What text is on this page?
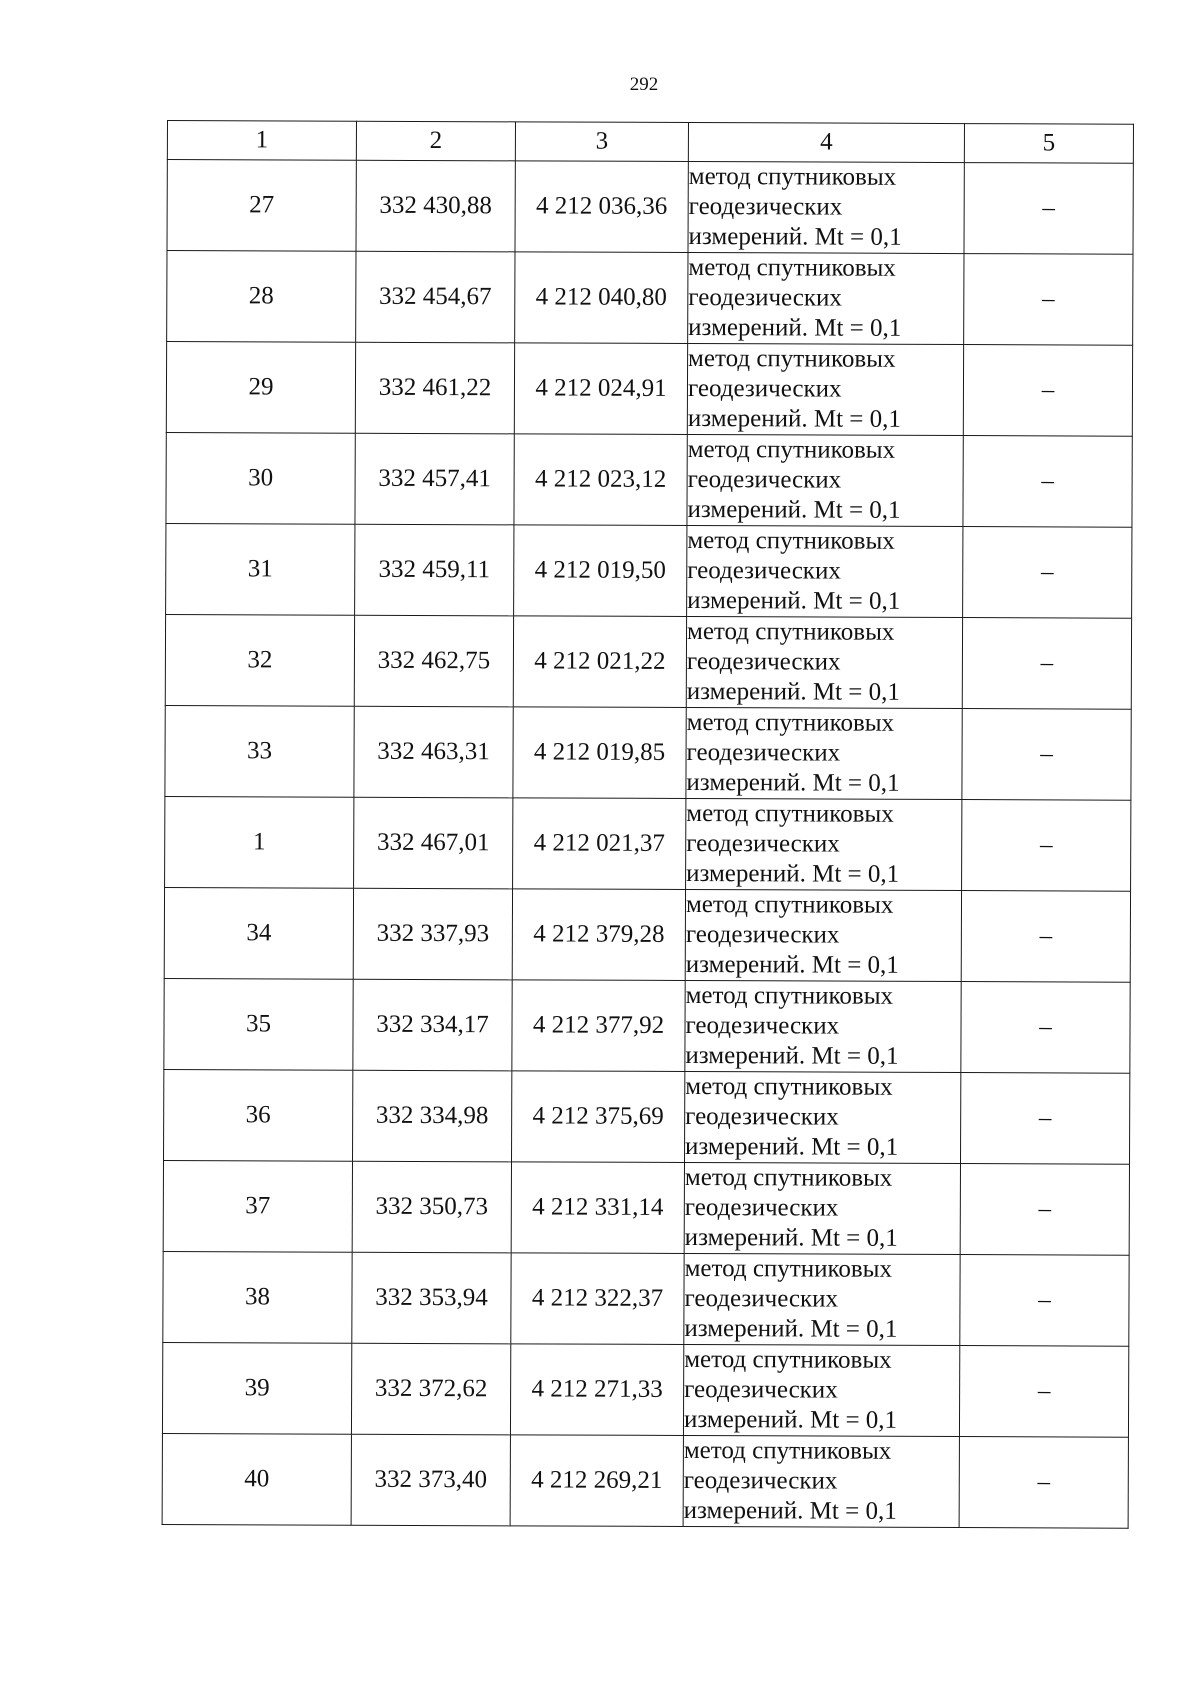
292
1	2	3	4	5
27	332 430,88	4 212 036,36	метод спутниковых
геодезических
измерений. Mt = 0,1	–
28	332 454,67	4 212 040,80	метод спутниковых
геодезических
измерений. Mt = 0,1	–
29	332 461,22	4 212 024,91	метод спутниковых
геодезических
измерений. Mt = 0,1	–
30	332 457,41	4 212 023,12	метод спутниковых
геодезических
измерений. Mt = 0,1	–
31	332 459,11	4 212 019,50	метод спутниковых
геодезических
измерений. Mt = 0,1	–
32	332 462,75	4 212 021,22	метод спутниковых
геодезических
измерений. Mt = 0,1	–
33	332 463,31	4 212 019,85	метод спутниковых
геодезических
измерений. Mt = 0,1	–
1	332 467,01	4 212 021,37	метод спутниковых
геодезических
измерений. Mt = 0,1	–
34	332 337,93	4 212 379,28	метод спутниковых
геодезических
измерений. Mt = 0,1	–
35	332 334,17	4 212 377,92	метод спутниковых
геодезических
измерений. Mt = 0,1	–
36	332 334,98	4 212 375,69	метод спутниковых
геодезических
измерений. Mt = 0,1	–
37	332 350,73	4 212 331,14	метод спутниковых
геодезических
измерений. Mt = 0,1	–
38	332 353,94	4 212 322,37	метод спутниковых
геодезических
измерений. Mt = 0,1	–
39	332 372,62	4 212 271,33	метод спутниковых
геодезических
измерений. Mt = 0,1	–
40	332 373,40	4 212 269,21	метод спутниковых
геодезических
измерений. Mt = 0,1	–
